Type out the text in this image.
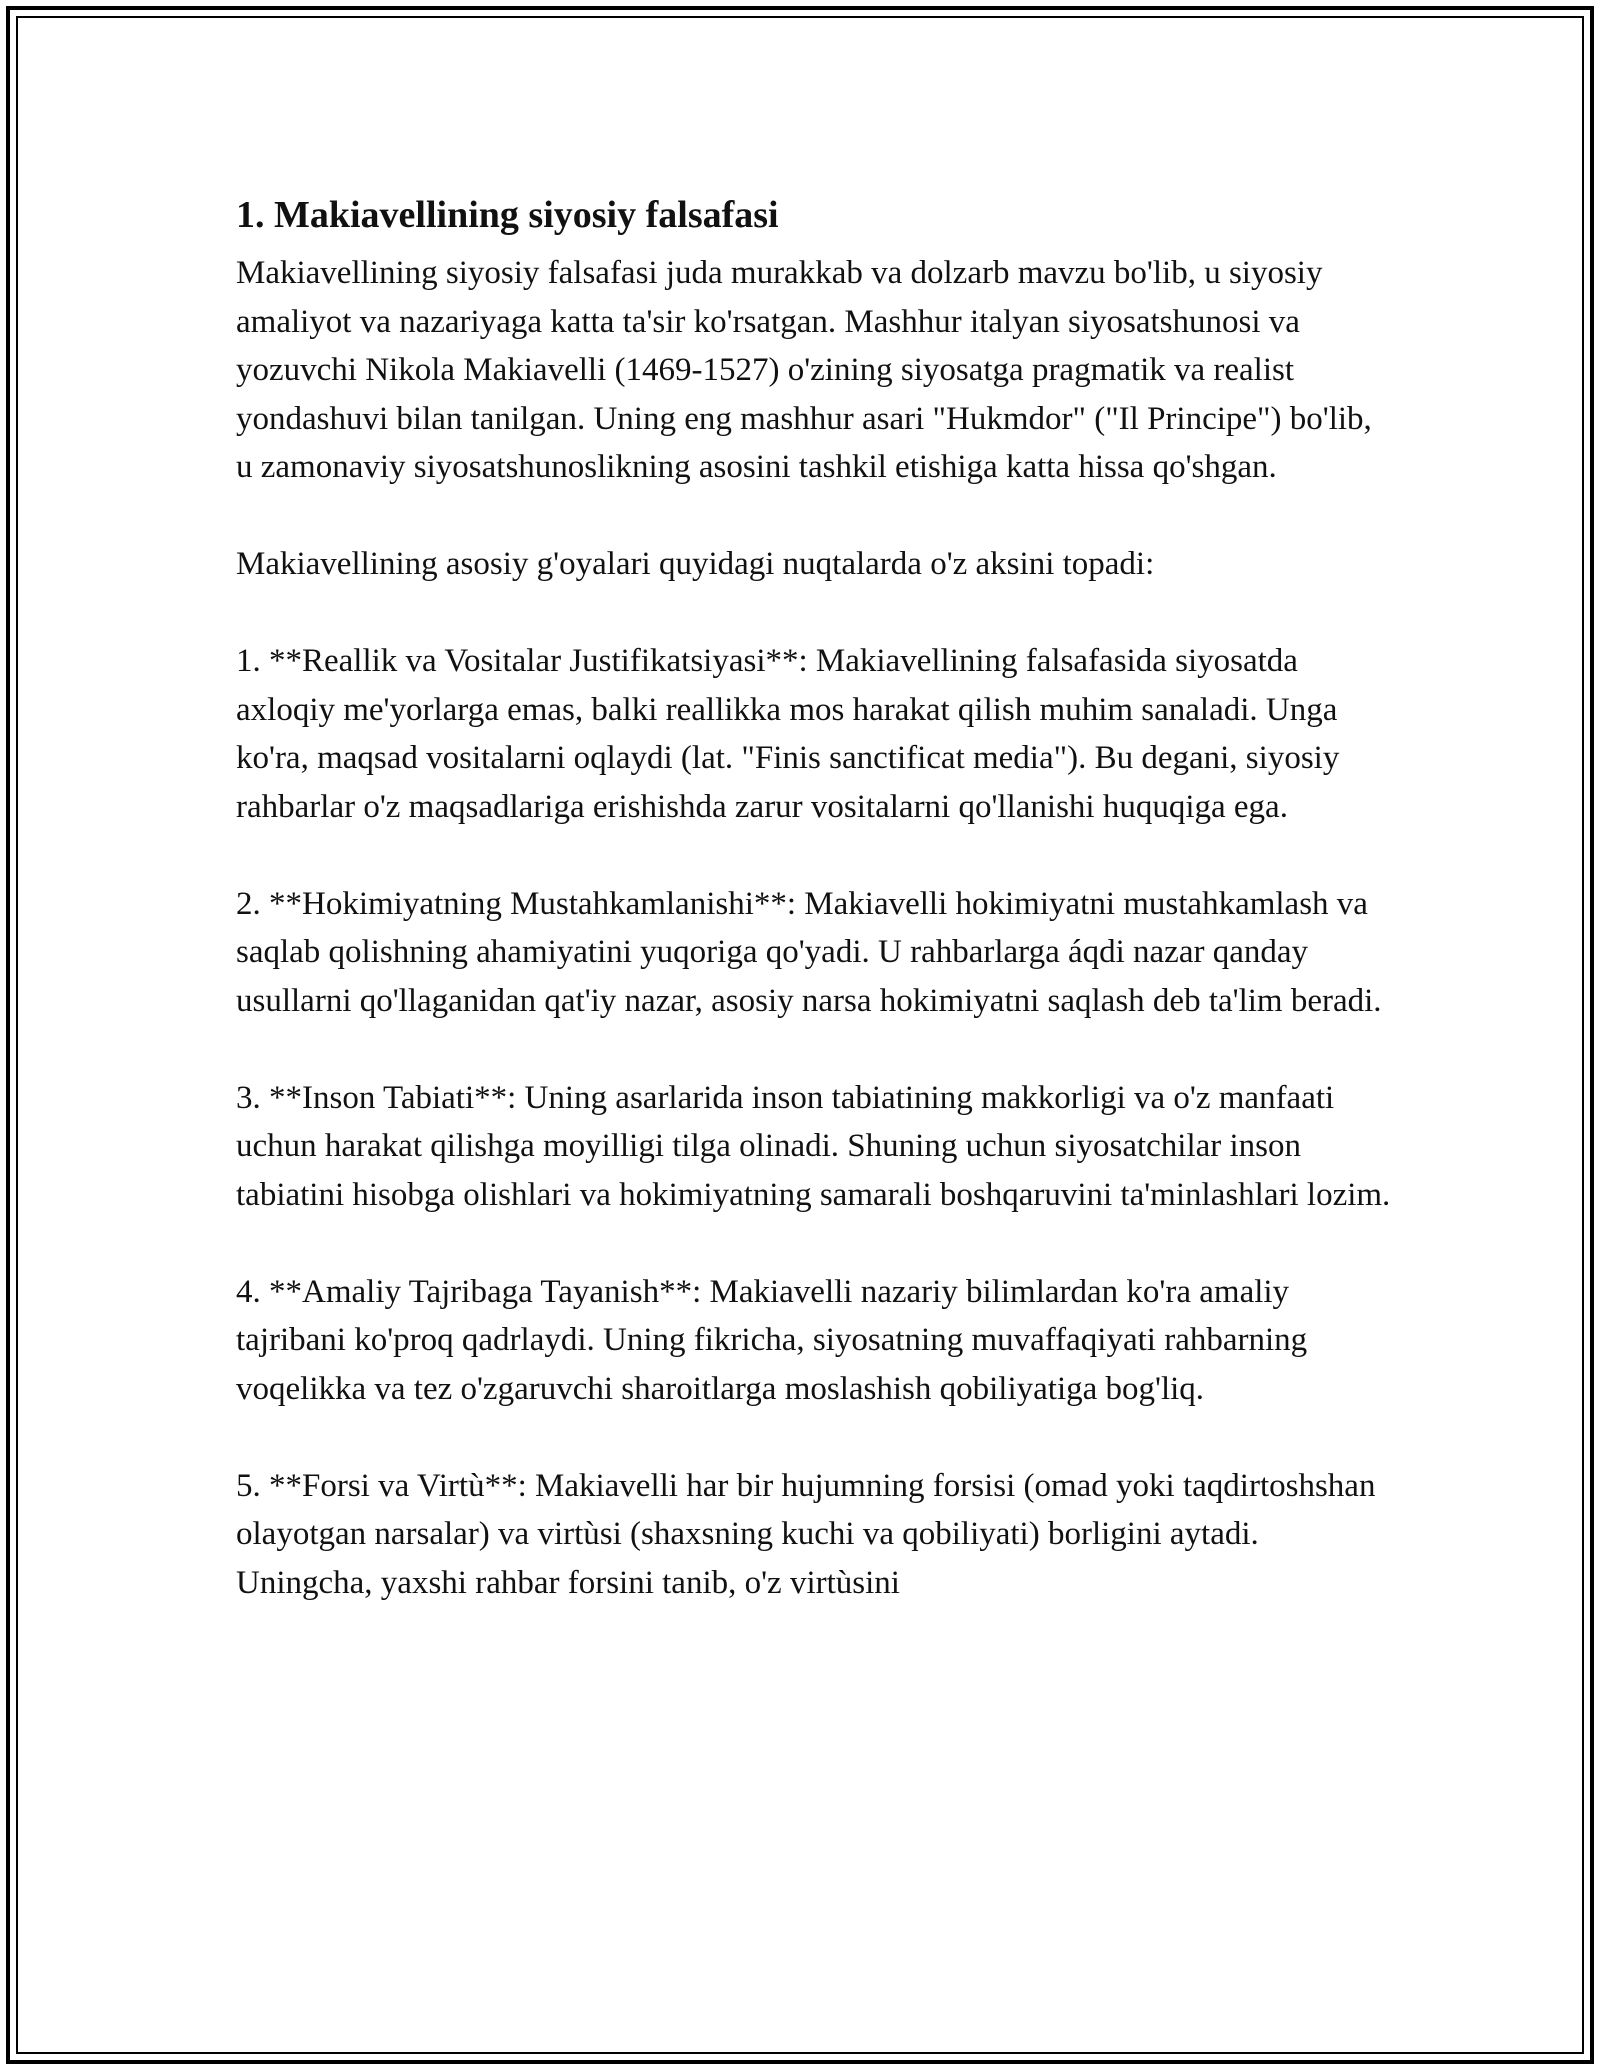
1. Makiavellining siyosiy falsafasi

Makiavellining siyosiy falsafasi juda murakkab va dolzarb mavzu bo'lib, u siyosiy amaliyot va nazariyaga katta ta'sir ko'rsatgan. Mashhur italyan siyosatshunosi va yozuvchi Nikola Makiavelli (1469-1527) o'zining siyosatga pragmatik va realist yondashuvi bilan tanilgan. Uning eng mashhur asari "Hukmdor" ("Il Principe") bo'lib, u zamonaviy siyosatshunoslikning asosini tashkil etishiga katta hissa qo'shgan.

Makiavellining asosiy g'oyalari quyidagi nuqtalarda o'z aksini topadi:

1. **Reallik va Vositalar Justifikatsiyasi**: Makiavellining falsafasida siyosatda axloqiy me'yorlarga emas, balki reallikka mos harakat qilish muhim sanaladi. Unga ko'ra, maqsad vositalarni oqlaydi (lat. "Finis sanctificat media"). Bu degani, siyosiy rahbarlar o'z maqsadlariga erishishda zarur vositalarni qo'llanishi huquqiga ega.

2. **Hokimiyatning Mustahkamlanishi**: Makiavelli hokimiyatni mustahkamlash va saqlab qolishning ahamiyatini yuqoriga qo'yadi. U rahbarlarga áqdi nazar qanday usullarni qo'llaganidan qat'iy nazar, asosiy narsa hokimiyatni saqlash deb ta'lim beradi.

3. **Inson Tabiati**: Uning asarlarida inson tabiatining makkorligi va o'z manfaati uchun harakat qilishga moyilligi tilga olinadi. Shuning uchun siyosatchilar inson tabiatini hisobga olishlari va hokimiyatning samarali boshqaruvini ta'minlashlari lozim.

4. **Amaliy Tajribaga Tayanish**: Makiavelli nazariy bilimlardan ko'ra amaliy tajribani ko'proq qadrlaydi. Uning fikricha, siyosatning muvaffaqiyati rahbarning voqelikka va tez o'zgaruvchi sharoitlarga moslashish qobiliyatiga bog'liq.

5. **Forsi va Virtù**: Makiavelli har bir hujumning forsisi (omad yoki taqdirtoshshan olayotgan narsalar) va virtùsi (shaxsning kuchi va qobiliyati) borligini aytadi. Uningcha, yaxshi rahbar forsini tanib, o'z virtùsini
